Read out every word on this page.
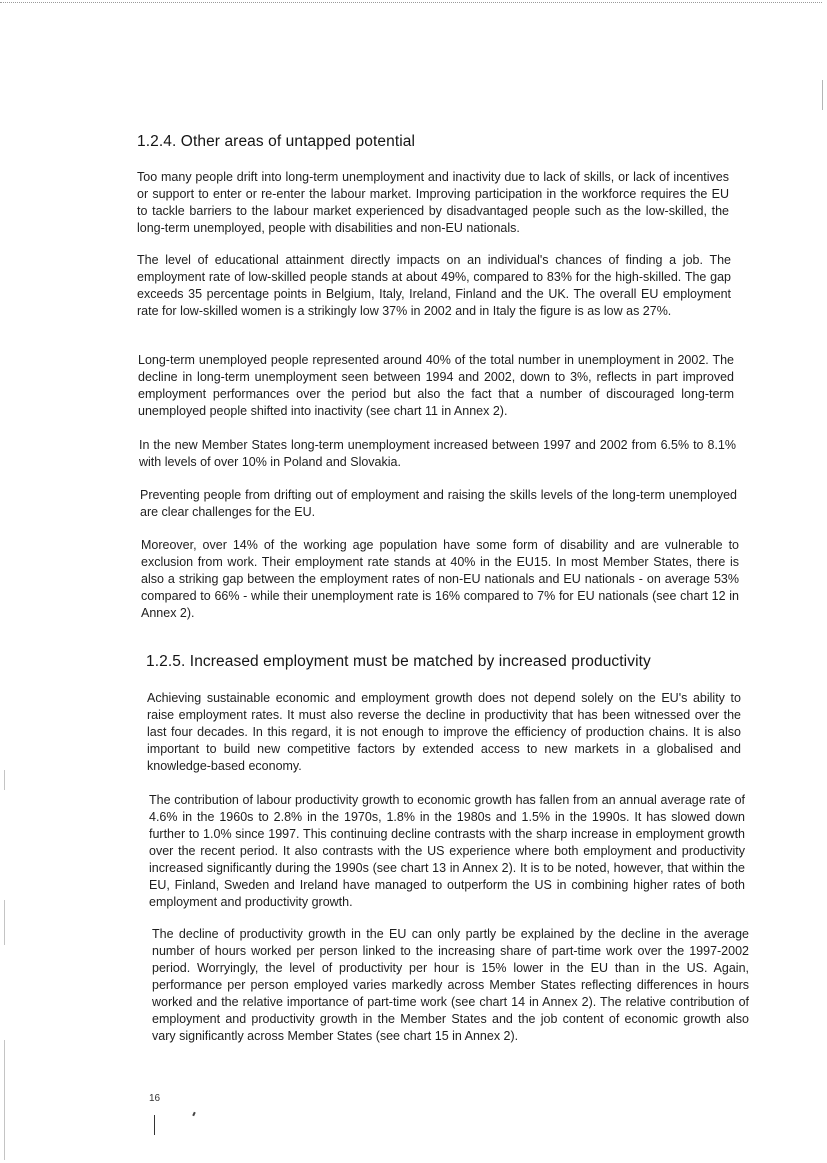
1.2.4. Other areas of untapped potential

Too many people drift into long-term unemployment and inactivity due to lack of skills, or lack of incentives or support to enter or re-enter the labour market. Improving participation in the workforce requires the EU to tackle barriers to the labour market experienced by disadvantaged people such as the low-skilled, the long-term unemployed, people with disabilities and non-EU nationals.

The level of educational attainment directly impacts on an individual's chances of finding a job. The employment rate of low-skilled people stands at about 49%, compared to 83% for the high-skilled. The gap exceeds 35 percentage points in Belgium, Italy, Ireland, Finland and the UK. The overall EU employment rate for low-skilled women is a strikingly low 37% in 2002 and in Italy the figure is as low as 27%.

Long-term unemployed people represented around 40% of the total number in unemployment in 2002. The decline in long-term unemployment seen between 1994 and 2002, down to 3%, reflects in part improved employment performances over the period but also the fact that a number of discouraged long-term unemployed people shifted into inactivity (see chart 11 in Annex 2).

In the new Member States long-term unemployment increased between 1997 and 2002 from 6.5% to 8.1% with levels of over 10% in Poland and Slovakia.

Preventing people from drifting out of employment and raising the skills levels of the long-term unemployed are clear challenges for the EU.

Moreover, over 14% of the working age population have some form of disability and are vulnerable to exclusion from work. Their employment rate stands at 40% in the EU15. In most Member States, there is also a striking gap between the employment rates of non-EU nationals and EU nationals - on average 53% compared to 66% - while their unemployment rate is 16% compared to 7% for EU nationals (see chart 12 in Annex 2).

1.2.5. Increased employment must be matched by increased productivity

Achieving sustainable economic and employment growth does not depend solely on the EU's ability to raise employment rates. It must also reverse the decline in productivity that has been witnessed over the last four decades. In this regard, it is not enough to improve the efficiency of production chains. It is also important to build new competitive factors by extended access to new markets in a globalised and knowledge-based economy.

The contribution of labour productivity growth to economic growth has fallen from an annual average rate of 4.6% in the 1960s to 2.8% in the 1970s, 1.8% in the 1980s and 1.5% in the 1990s. It has slowed down further to 1.0% since 1997. This continuing decline contrasts with the sharp increase in employment growth over the recent period. It also contrasts with the US experience where both employment and productivity increased significantly during the 1990s (see chart 13 in Annex 2). It is to be noted, however, that within the EU, Finland, Sweden and Ireland have managed to outperform the US in combining higher rates of both employment and productivity growth.

The decline of productivity growth in the EU can only partly be explained by the decline in the average number of hours worked per person linked to the increasing share of part-time work over the 1997-2002 period. Worryingly, the level of productivity per hour is 15% lower in the EU than in the US. Again, performance per person employed varies markedly across Member States reflecting differences in hours worked and the relative importance of part-time work (see chart 14 in Annex 2). The relative contribution of employment and productivity growth in the Member States and the job content of economic growth also vary significantly across Member States (see chart 15 in Annex 2).

16
